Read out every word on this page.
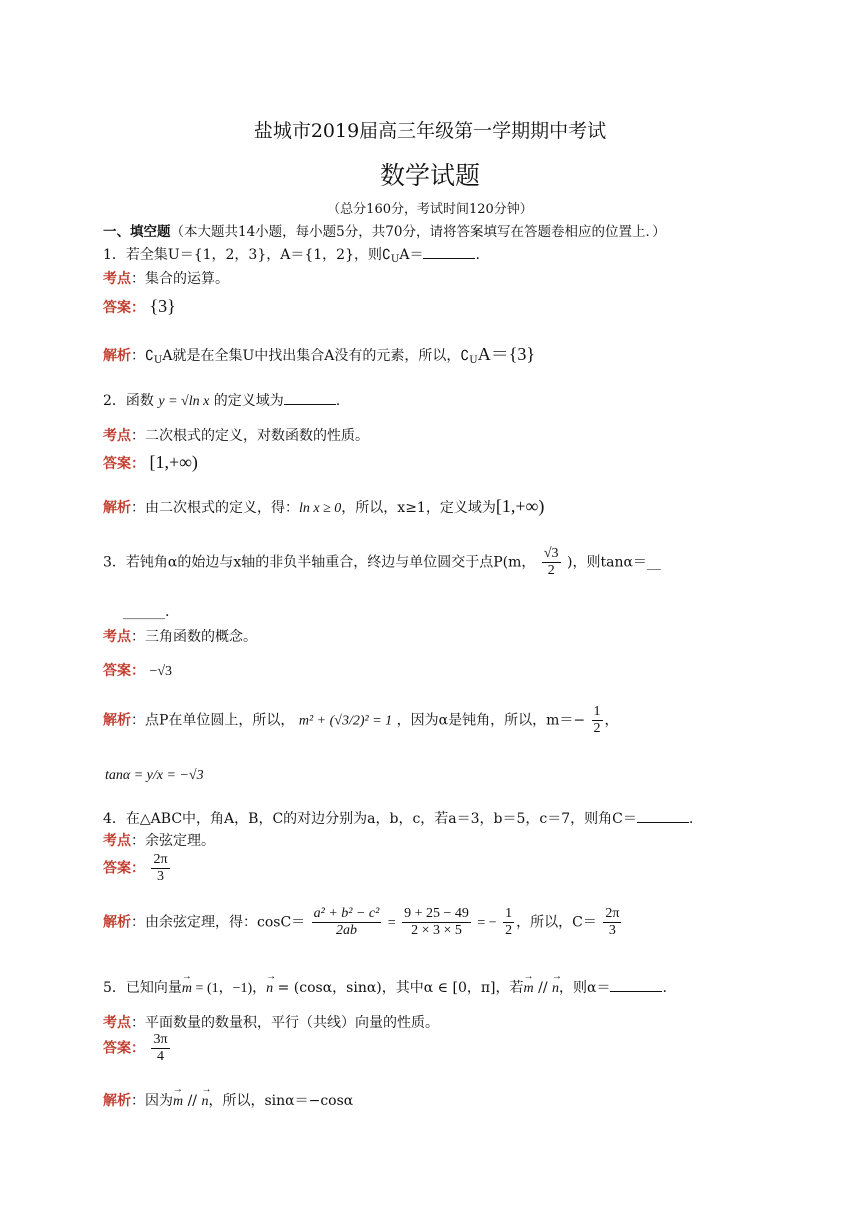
盐城市2019届高三年级第一学期期中考试
数学试题
（总分160分，考试时间120分钟）
一、填空题（本大题共14小题，每小题5分，共70分，请将答案填写在答题卷相应的位置上．）
1．若全集U＝{1，2，3}，A＝{1，2}，则$∁_UA=$	.
考点：集合的运算。
答案： {3}
解析：$∁_UA$就是在全集U中找出集合A没有的元素，所以，$∁_UA=\{3\}$
2．函数 y = √ln x 的定义域为	.
考点：二次根式的定义，对数函数的性质。
答案： [1,+∞)
解析：由二次根式的定义，得：ln x ≥ 0，所以，x≥1，定义域为[1,+∞)
3．若钝角α的始边与x轴的非负半轴重合，终边与单位圆交于点P(m， $\frac{√3}{2}$ )，则tanα＝__
______.
考点：三角函数的概念。
答案： −√3
解析：点P在单位圆上，所以， m² + (√3/2)² = 1 ，因为α是钝角，所以，$m=- \frac{1}{2}$ ，
tanα = y/x = −√3
4．在△ABC中，角A，B，C的对边分别为a，b，c，若a＝3，b＝5，c＝7，则角C＝	.
考点：余弦定理。
答案： $\frac{2\pi}{3}$
解析：由余弦定理，得：$\cos C= \frac{\text{a² + b² − c²}}{2ab} = \frac{9 + 25 - 49}{2 \times 3 \times 5}$ = − $\frac{1}{2}$ ，所以，$C= \frac{2\pi}{3}$
5．已知向量→ m = (1，−1)，→ n = (cosα，sinα)，其中α ∈ [0，π]，若→ m // → n，则α＝	.
考点：平面数量的数量积，平行（共线）向量的性质。
答案： $\frac{3\pi}{4}$
解析：因为→ m // → n，所以，sinα＝−cosα
